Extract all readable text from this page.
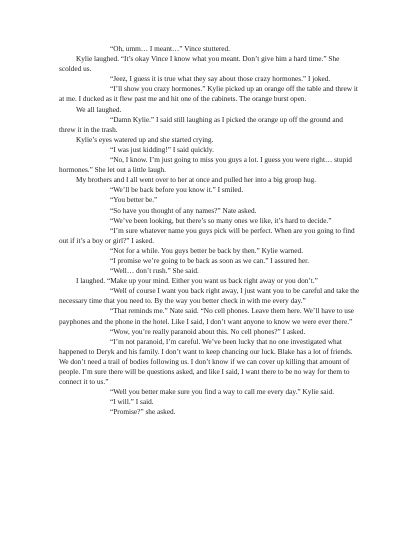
“Oh, umm… I meant…” Vince stuttered.

Kylie laughed. “It’s okay Vince I know what you meant. Don’t give him a hard time.” She scolded us.

“Jeez, I guess it is true what they say about those crazy hormones.” I joked.

“I’ll show you crazy hormones.” Kylie picked up an orange off the table and threw it at me. I ducked as it flew past me and hit one of the cabinets. The orange burst open.

We all laughed.

“Damn Kylie.” I said still laughing as I picked the orange up off the ground and threw it in the trash.

Kylie’s eyes watered up and she started crying.

“I was just kidding!” I said quickly.

“No, I know. I’m just going to miss you guys a lot. I guess you were right… stupid hormones.” She let out a little laugh.

My brothers and I all went over to her at once and pulled her into a big group hug.

“We’ll be back before you know it.” I smiled.

“You better be.”

“So have you thought of any names?” Nate asked.

“We’ve been looking, but there’s so many ones we like, it’s hard to decide.”

“I’m sure whatever name you guys pick will be perfect. When are you going to find out if it’s a boy or girl?” I asked.

“Not for a while. You guys better be back by then.” Kylie warned.

“I promise we’re going to be back as soon as we can.” I assured her.

“Well… don’t rush.” She said.

I laughed. “Make up your mind. Either you want us back right away or you don’t.”

“Well of course I want you back right away, I just want you to be careful and take the necessary time that you need to. By the way you better check in with me every day.”

“That reminds me.” Nate said. “No cell phones. Leave them here. We’ll have to use payphones and the phone in the hotel. Like I said, I don’t want anyone to know we were ever there.”

“Wow, you’re really paranoid about this. No cell phones?” I asked.

“I’m not paranoid, I’m careful. We’ve been lucky that no one investigated what happened to Deryk and his family. I don’t want to keep chancing our luck. Blake has a lot of friends. We don’t need a trail of bodies following us. I don’t know if we can cover up killing that amount of people. I’m sure there will be questions asked, and like I said, I want there to be no way for them to connect it to us.”

“Well you better make sure you find a way to call me every day.” Kylie said.

“I will.” I said.

“Promise?” she asked.
